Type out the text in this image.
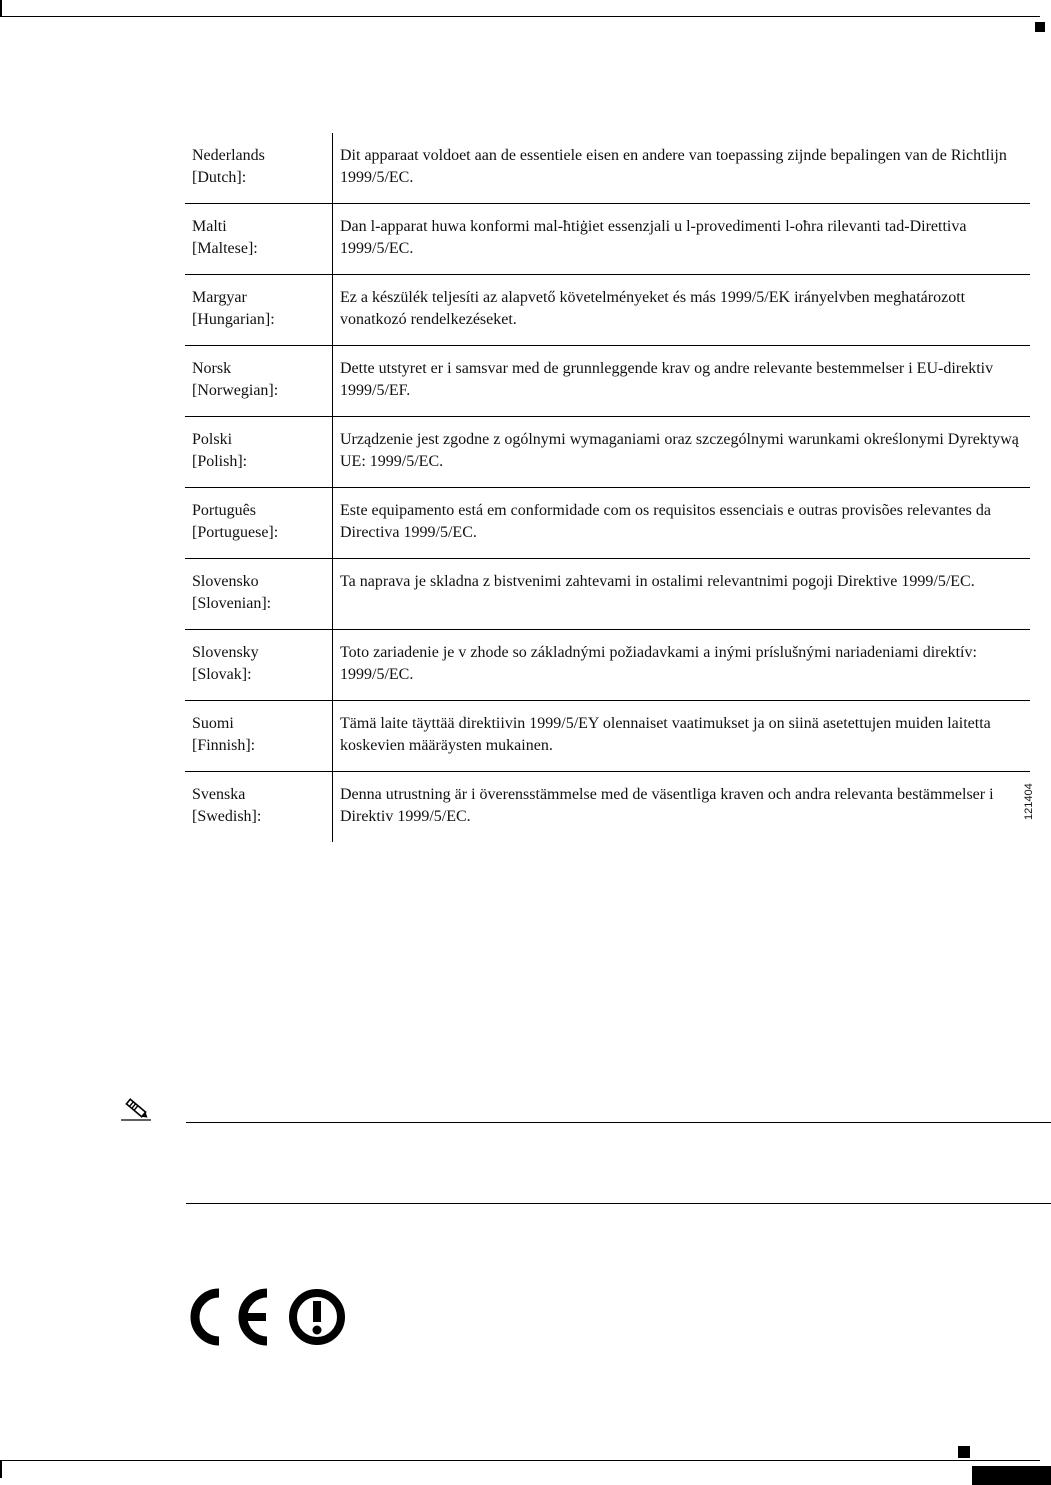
Nederlands
[Dutch]:	Dit apparaat voldoet aan de essentiele eisen en andere van toepassing zijnde bepalingen van de Richtlijn 1999/5/EC.

Malti
[Maltese]:	Dan l-apparat huwa konformi mal-ħtiġiet essenzjali u l-provedimenti l-oħra rilevanti tad-Direttiva 1999/5/EC.

Margyar
[Hungarian]:	Ez a készülék teljesíti az alapvető követelményeket és más 1999/5/EK irányelvben meghatározott vonatkozó rendelkezéseket.

Norsk
[Norwegian]:	Dette utstyret er i samsvar med de grunnleggende krav og andre relevante bestemmelser i EU-direktiv 1999/5/EF.

Polski
[Polish]:	Urządzenie jest zgodne z ogólnymi wymaganiami oraz szczególnymi warunkami określonymi Dyrektywą UE: 1999/5/EC.

Português
[Portuguese]:	Este equipamento está em conformidade com os requisitos essenciais e outras provisões relevantes da Directiva 1999/5/EC.

Slovensko
[Slovenian]:	Ta naprava je skladna z bistvenimi zahtevami in ostalimi relevantnimi pogoji Direktive 1999/5/EC.

Slovensky
[Slovak]:	Toto zariadenie je v zhode so základnými požiadavkami a inými príslušnými nariadeniami direktív: 1999/5/EC.

Suomi
[Finnish]:	Tämä laite täyttää direktiivin 1999/5/EY olennaiset vaatimukset ja on siinä asetettujen muiden laitetta koskevien määräysten mukainen.

Svenska
[Swedish]:	Denna utrustning är i överensstämmelse med de väsentliga kraven och andra relevanta bestämmelser i Direktiv 1999/5/EC.	121404
